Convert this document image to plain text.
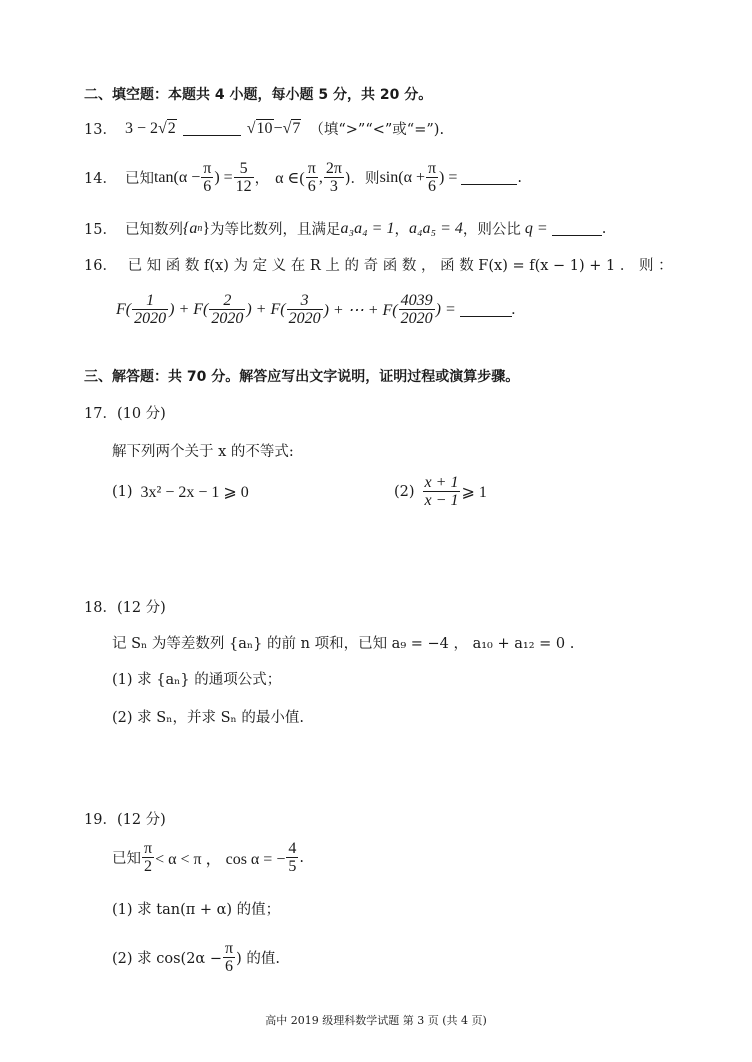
二、填空题：本题共 4 小题，每小题 5 分，共 20 分。
13． 3 − 2 √2	√10 − √7 （填“>”“<”或“=”).
14． 已知 $\tan(\alpha - \frac{\pi}{6}$ ) = $\frac{5}{12}$ ， α ∈( $\frac{\pi}{6}$ , $\frac{2\pi}{3}$ )．则 $\sin(\alpha + \frac{\pi}{6}$ ) =	.
15． 已知数列 {a n } 为等比数列，且满足 a₃a₄ = 1 ， a₄a₅ = 4 ，则公比 q =	.
16． 已 知 函 数 f(x) 为 定 义 在 R 上 的 奇 函 数 ， 函 数 F(x) = f(x − 1) + 1 ． 则 ：
$F( \frac{1}{2020}$ ) + $F( \frac{2}{2020}$ ) + $F( \frac{3}{2020}$ ) + ⋯ + $F( \frac{4039}{2020}$ ) =	.
三、解答题：共 70 分。解答应写出文字说明，证明过程或演算步骤。
17．(10 分)
解下列两个关于 x 的不等式:
(1) 3x² − 2x − 1 ⩾ 0	$(2) \frac{x + 1}{x - 1}$ ⩾ 1
18．(12 分)
记 Sₙ 为等差数列 {aₙ} 的前 n 项和，已知 a₉ = −4 ， a₁₀ + a₁₂ = 0 .
(1) 求 {aₙ} 的通项公式；
(2) 求 Sₙ，并求 Sₙ 的最小值.
19．(12 分)
已知 $\frac{\pi}{2} < \alpha < \pi$ ， cos α = − $\frac{4}{5}$ .
(1) 求 tan(π + α) 的值；
(2) 求 $\cos(2\alpha - \frac{\pi}{6}$ ) 的值.
高中 2019 级理科数学试题 第 3 页 (共 4 页)
